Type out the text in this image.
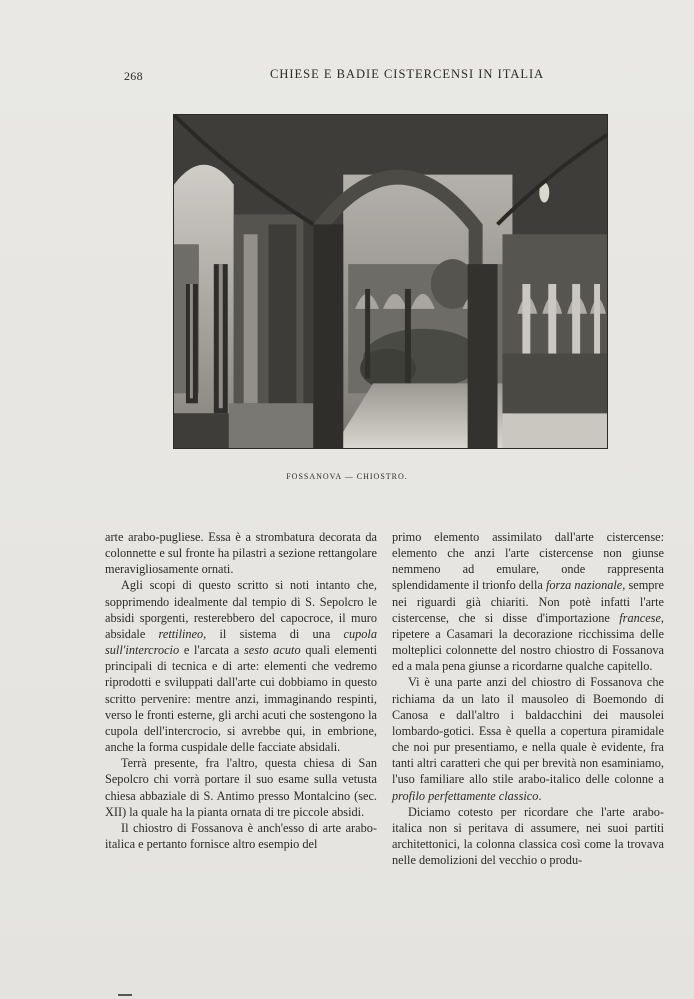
268	CHIESE E BADIE CISTERCENSI IN ITALIA
FOSSANOVA — CHIOSTRO.

arte arabo-pugliese. Essa è a strombatura decorata da colonnette e sul fronte ha pilastri a sezione rettangolare meravigliosamente ornati.

Agli scopi di questo scritto si noti intanto che, sopprimendo idealmente dal tempio di S. Sepolcro le absidi sporgenti, resterebbero del capocroce, il muro absidale rettilineo, il sistema di una cupola sull'intercrocio e l'arcata a sesto acuto quali elementi principali di tecnica e di arte: elementi che vedremo riprodotti e sviluppati dall'arte cui dobbiamo in questo scritto pervenire: mentre anzi, immaginando respinti, verso le fronti esterne, gli archi acuti che sostengono la cupola dell'intercrocio, si avrebbe qui, in embrione, anche la forma cuspidale delle facciate absidali.

Terrà presente, fra l'altro, questa chiesa di San Sepolcro chi vorrà portare il suo esame sulla vetusta chiesa abbaziale di S. Antimo presso Montalcino (sec. XII) la quale ha la pianta ornata di tre piccole absidi.

Il chiostro di Fossanova è anch'esso di arte arabo-italica e pertanto fornisce altro esempio del

primo elemento assimilato dall'arte cistercense: elemento che anzi l'arte cistercense non giunse nemmeno ad emulare, onde rappresenta splendidamente il trionfo della forza nazionale, sempre nei riguardi già chiariti. Non potè infatti l'arte cistercense, che si disse d'importazione francese, ripetere a Casamari la decorazione ricchissima delle molteplici colonnette del nostro chiostro di Fossanova ed a mala pena giunse a ricordarne qualche capitello.

Vi è una parte anzi del chiostro di Fossanova che richiama da un lato il mausoleo di Boemondo di Canosa e dall'altro i baldacchini dei mausolei lombardo-gotici. Essa è quella a copertura piramidale che noi pur presentiamo, e nella quale è evidente, fra tanti altri caratteri che qui per brevità non esaminiamo, l'uso familiare allo stile arabo-italico delle colonne a profilo perfettamente classico.

Diciamo cotesto per ricordare che l'arte arabo-italica non si peritava di assumere, nei suoi partiti architettonici, la colonna classica così come la trovava nelle demolizioni del vecchio o produ-
